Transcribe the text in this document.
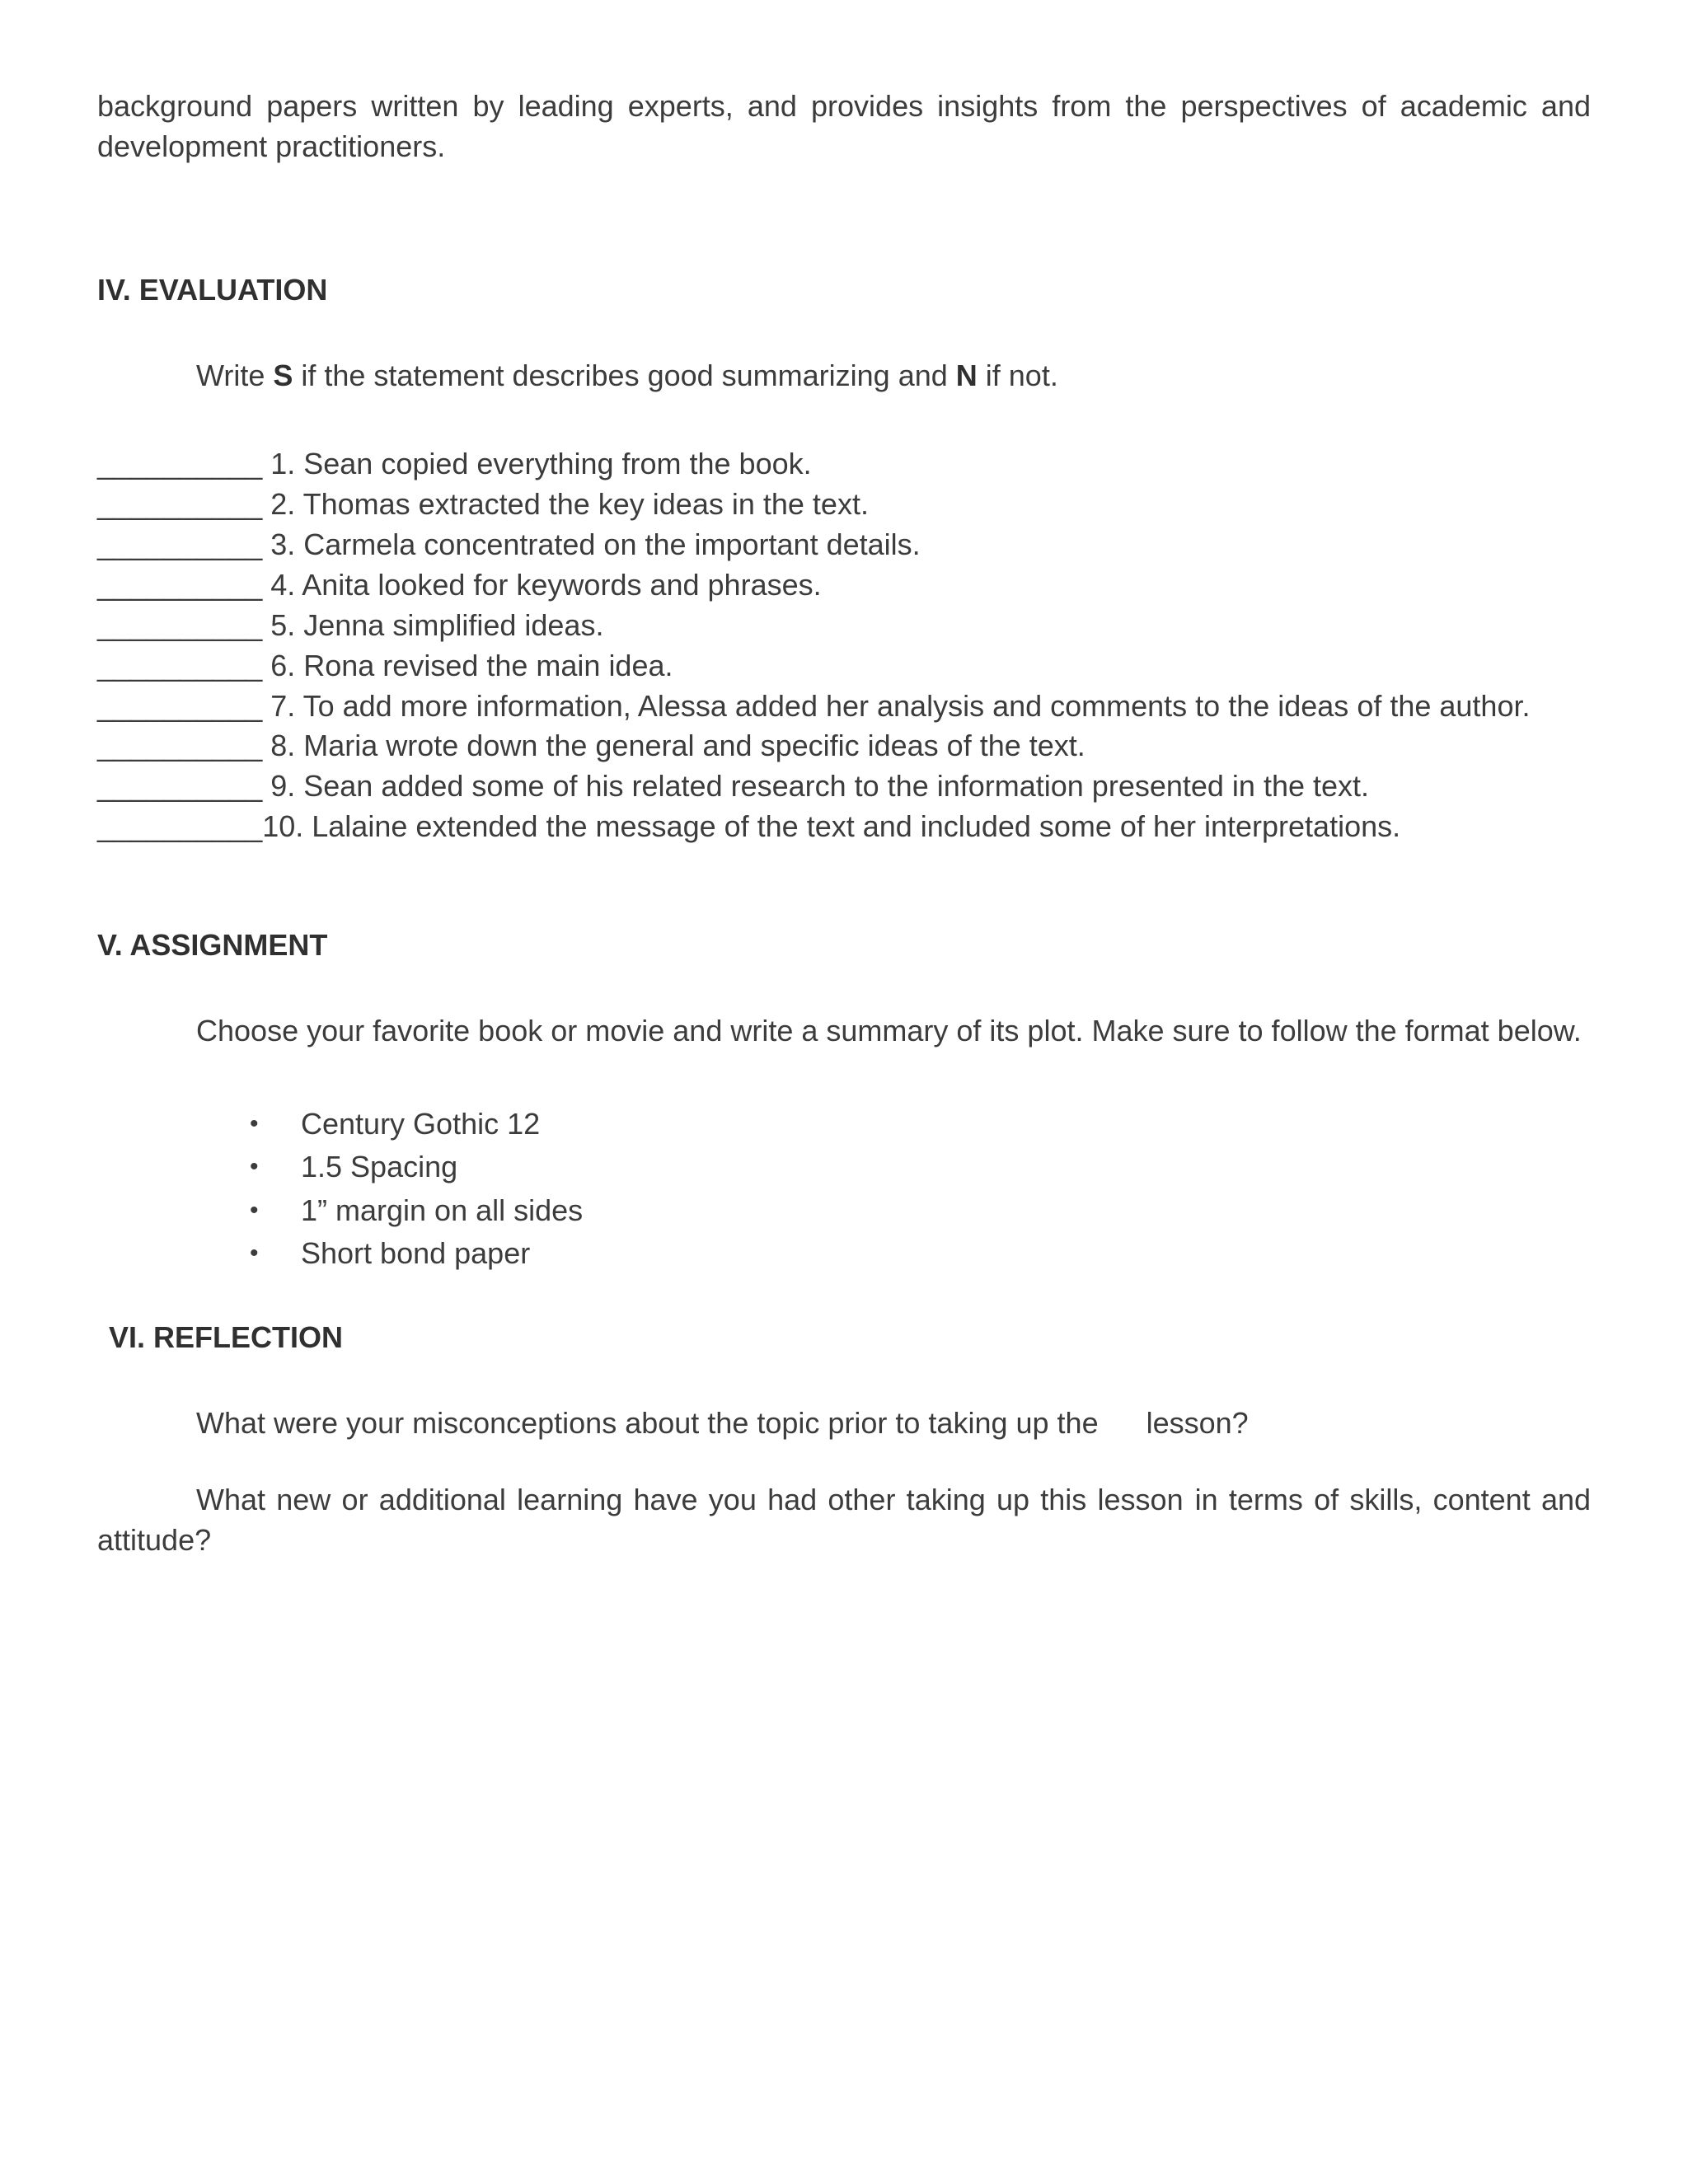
background papers written by leading experts, and provides insights from the perspectives of academic and development practitioners.

IV. EVALUATION

Write S if the statement describes good summarizing and N if not.

__________ 1. Sean copied everything from the book.
__________ 2. Thomas extracted the key ideas in the text.
__________ 3. Carmela concentrated on the important details.
__________ 4. Anita looked for keywords and phrases.
__________ 5. Jenna simplified ideas.
__________ 6. Rona revised the main idea.
__________ 7. To add more information, Alessa added her analysis and comments to the ideas of the author.
__________ 8. Maria wrote down the general and specific ideas of the text.
__________ 9. Sean added some of his related research to the information presented in the text.
__________10. Lalaine extended the message of the text and included some of her interpretations.
V. ASSIGNMENT

Choose your favorite book or movie and write a summary of its plot. Make sure to follow the format below.

•	Century Gothic 12
•	1.5 Spacing
•	1” margin on all sides
•	Short bond paper
VI. REFLECTION

What were your misconceptions about the topic prior to taking up the lesson?

What new or additional learning have you had other taking up this lesson in terms of skills, content and attitude?
